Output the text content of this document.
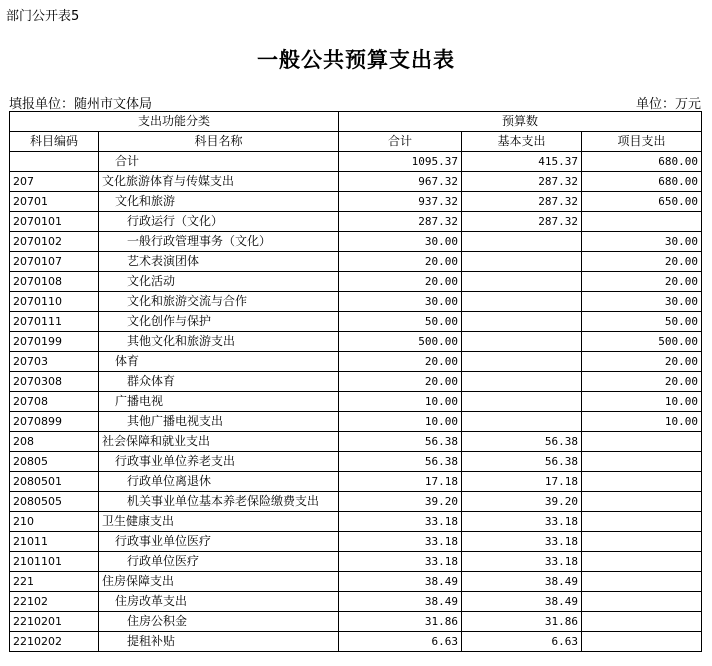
部门公开表5
一般公共预算支出表
填报单位：随州市文体局	单位：万元
支出功能分类		预算数		
科目编码	科目名称	合计	基本支出	项目支出
	合计	1095.37	415.37	680.00
207	文化旅游体育与传媒支出	967.32	287.32	680.00
20701	文化和旅游	937.32	287.32	650.00
2070101	行政运行（文化）	287.32	287.32	
2070102	一般行政管理事务（文化）	30.00		30.00
2070107	艺术表演团体	20.00		20.00
2070108	文化活动	20.00		20.00
2070110	文化和旅游交流与合作	30.00		30.00
2070111	文化创作与保护	50.00		50.00
2070199	其他文化和旅游支出	500.00		500.00
20703	体育	20.00		20.00
2070308	群众体育	20.00		20.00
20708	广播电视	10.00		10.00
2070899	其他广播电视支出	10.00		10.00
208	社会保障和就业支出	56.38	56.38	
20805	行政事业单位养老支出	56.38	56.38	
2080501	行政单位离退休	17.18	17.18	
2080505	机关事业单位基本养老保险缴费支出	39.20	39.20	
210	卫生健康支出	33.18	33.18	
21011	行政事业单位医疗	33.18	33.18	
2101101	行政单位医疗	33.18	33.18	
221	住房保障支出	38.49	38.49	
22102	住房改革支出	38.49	38.49	
2210201	住房公积金	31.86	31.86	
2210202	提租补贴	6.63	6.63	
